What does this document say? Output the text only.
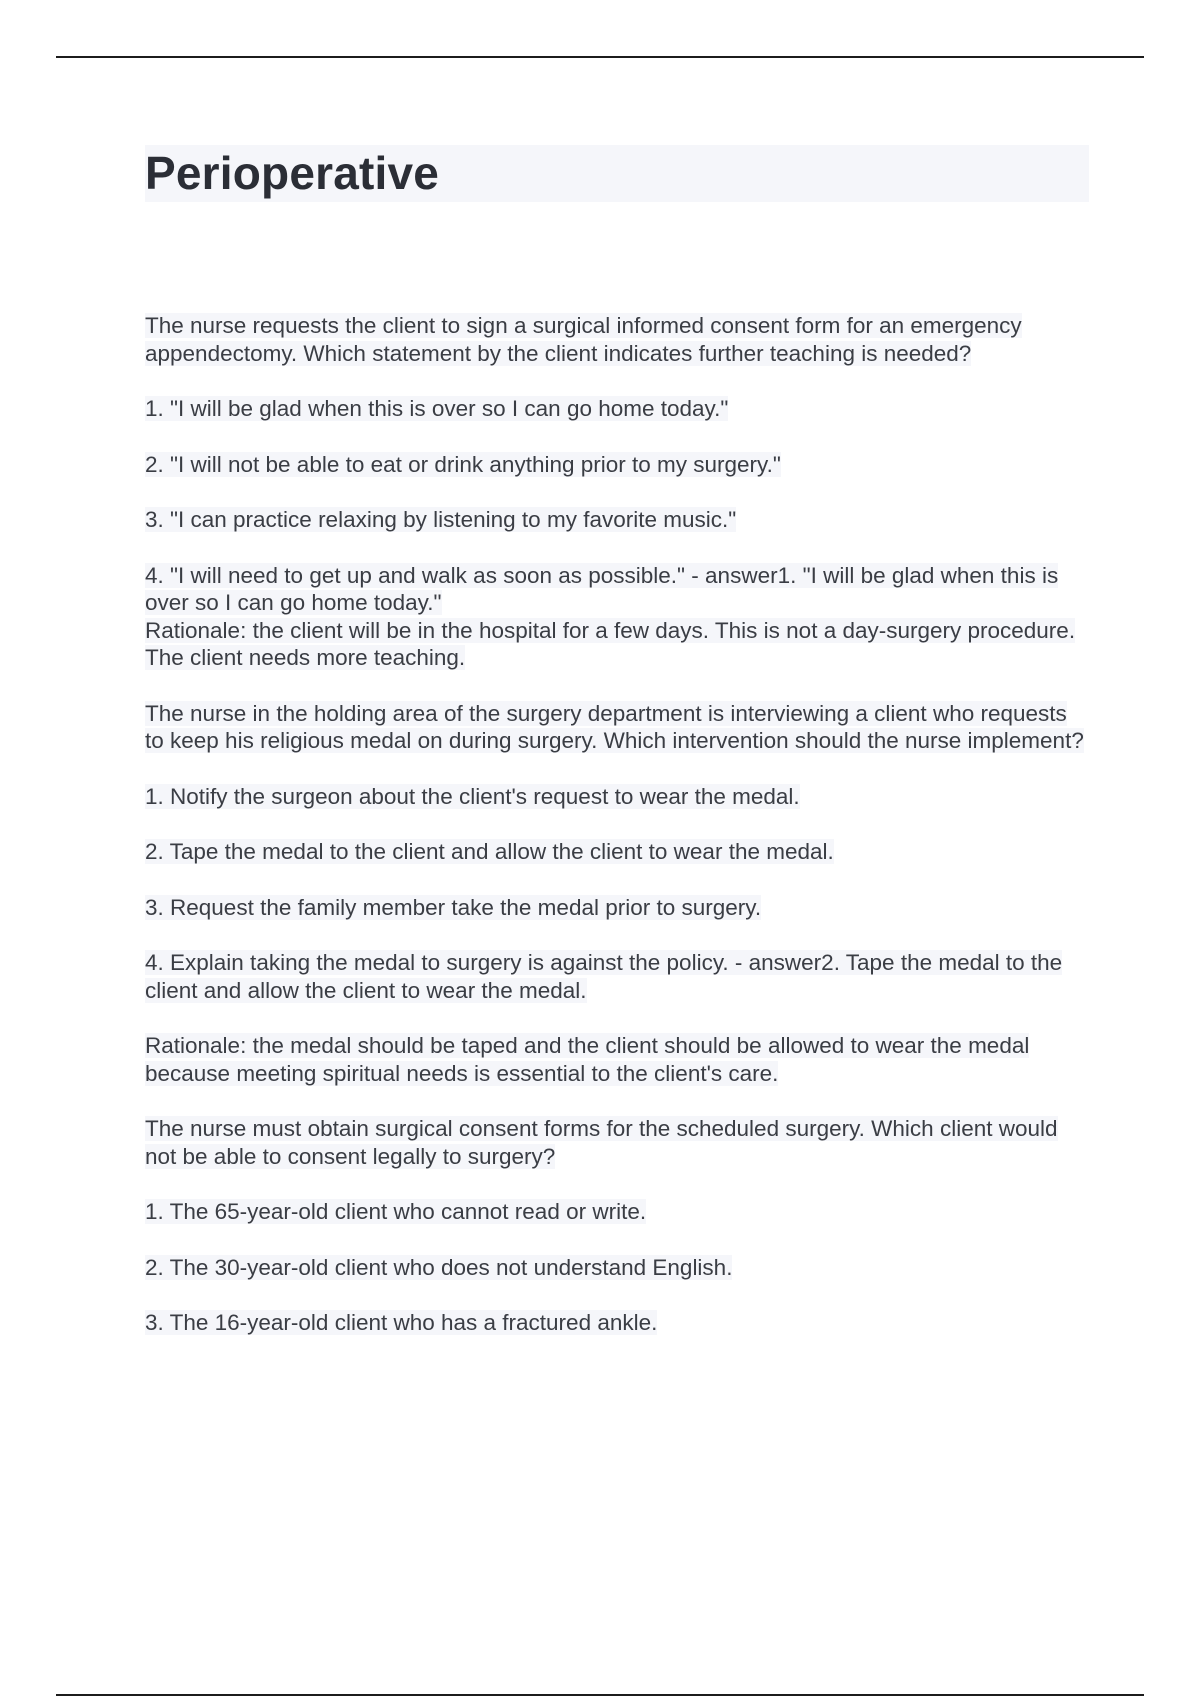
Perioperative

The nurse requests the client to sign a surgical informed consent form for an emergency appendectomy. Which statement by the client indicates further teaching is needed?

1. "I will be glad when this is over so I can go home today."

2. "I will not be able to eat or drink anything prior to my surgery."

3. "I can practice relaxing by listening to my favorite music."

4. "I will need to get up and walk as soon as possible." - answer1. "I will be glad when this is over so I can go home today."
Rationale: the client will be in the hospital for a few days. This is not a day-surgery procedure. The client needs more teaching.

The nurse in the holding area of the surgery department is interviewing a client who requests to keep his religious medal on during surgery. Which intervention should the nurse implement?

1. Notify the surgeon about the client's request to wear the medal.

2. Tape the medal to the client and allow the client to wear the medal.

3. Request the family member take the medal prior to surgery.

4. Explain taking the medal to surgery is against the policy. - answer2. Tape the medal to the client and allow the client to wear the medal.

Rationale: the medal should be taped and the client should be allowed to wear the medal because meeting spiritual needs is essential to the client's care.

The nurse must obtain surgical consent forms for the scheduled surgery. Which client would not be able to consent legally to surgery?

1. The 65-year-old client who cannot read or write.

2. The 30-year-old client who does not understand English.

3. The 16-year-old client who has a fractured ankle.
